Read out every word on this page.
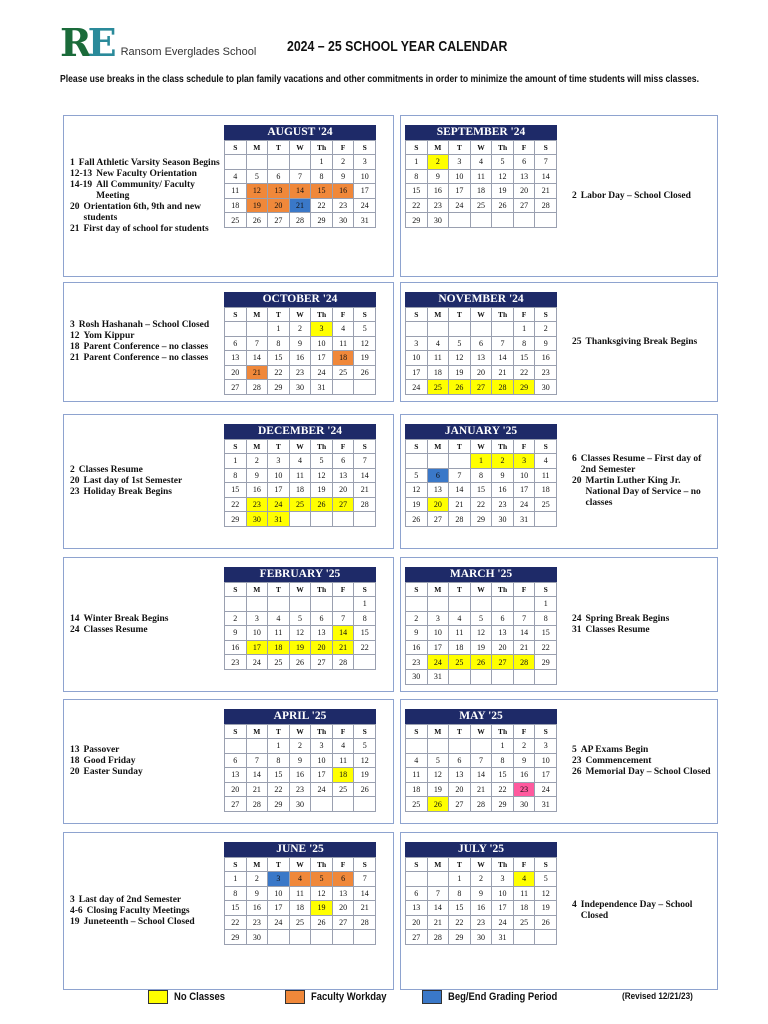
RE Ransom Everglades School 2024 – 25 SCHOOL YEAR CALENDAR
Please use breaks in the class schedule to plan family vacations and other commitments in order to minimize the amount of time students will miss classes.
No Classes	Faculty Workday	Beg/End Grading Period	(Revised 12/21/23)
AUGUST '24
S	M	T	W	Th	F	S
				1	2	3
4	5	6	7	8	9	10
11	12	13	14	15	16	17
18	19	20	21	22	23	24
25	26	27	28	29	30	31
1 Fall Athletic Varsity Season Begins
12-13 New Faculty Orientation
14-19 All Community/ Faculty Meeting
20 Orientation 6th, 9th and new students
21 First day of school for students
SEPTEMBER '24
S	M	T	W	Th	F	S
1	2	3	4	5	6	7
8	9	10	11	12	13	14
15	16	17	18	19	20	21
22	23	24	25	26	27	28
29	30					
2 Labor Day – School Closed
OCTOBER '24
S	M	T	W	Th	F	S
		1	2	3	4	5
6	7	8	9	10	11	12
13	14	15	16	17	18	19
20	21	22	23	24	25	26
27	28	29	30	31		
3 Rosh Hashanah – School Closed
12 Yom Kippur
18 Parent Conference – no classes
21 Parent Conference – no classes
NOVEMBER '24
S	M	T	W	Th	F	S
					1	2
3	4	5	6	7	8	9
10	11	12	13	14	15	16
17	18	19	20	21	22	23
24	25	26	27	28	29	30
25 Thanksgiving Break Begins
DECEMBER '24
S	M	T	W	Th	F	S
1	2	3	4	5	6	7
8	9	10	11	12	13	14
15	16	17	18	19	20	21
22	23	24	25	26	27	28
29	30	31				
2 Classes Resume
20 Last day of 1st Semester
23 Holiday Break Begins
JANUARY '25
S	M	T	W	Th	F	S
			1	2	3	4
5	6	7	8	9	10	11
12	13	14	15	16	17	18
19	20	21	22	23	24	25
26	27	28	29	30	31	
6 Classes Resume – First day of 2nd Semester
20 Martin Luther King Jr. National Day of Service – no classes
FEBRUARY '25
S	M	T	W	Th	F	S
						1
2	3	4	5	6	7	8
9	10	11	12	13	14	15
16	17	18	19	20	21	22
23	24	25	26	27	28	
14 Winter Break Begins
24 Classes Resume
MARCH '25
S	M	T	W	Th	F	S
						1
2	3	4	5	6	7	8
9	10	11	12	13	14	15
16	17	18	19	20	21	22
23	24	25	26	27	28	29
30	31					
24 Spring Break Begins
31 Classes Resume
APRIL '25
S	M	T	W	Th	F	S
		1	2	3	4	5
6	7	8	9	10	11	12
13	14	15	16	17	18	19
20	21	22	23	24	25	26
27	28	29	30			
13 Passover
18 Good Friday
20 Easter Sunday
MAY '25
S	M	T	W	Th	F	S
				1	2	3
4	5	6	7	8	9	10
11	12	13	14	15	16	17
18	19	20	21	22	23	24
25	26	27	28	29	30	31
5 AP Exams Begin
23 Commencement
26 Memorial Day – School Closed
JUNE '25
S	M	T	W	Th	F	S
1	2	3	4	5	6	7
8	9	10	11	12	13	14
15	16	17	18	19	20	21
22	23	24	25	26	27	28
29	30					
3 Last day of 2nd Semester
4-6 Closing Faculty Meetings
19 Juneteenth – School Closed
JULY '25
S	M	T	W	Th	F	S
		1	2	3	4	5
6	7	8	9	10	11	12
13	14	15	16	17	18	19
20	21	22	23	24	25	26
27	28	29	30	31		
4 Independence Day – School Closed
